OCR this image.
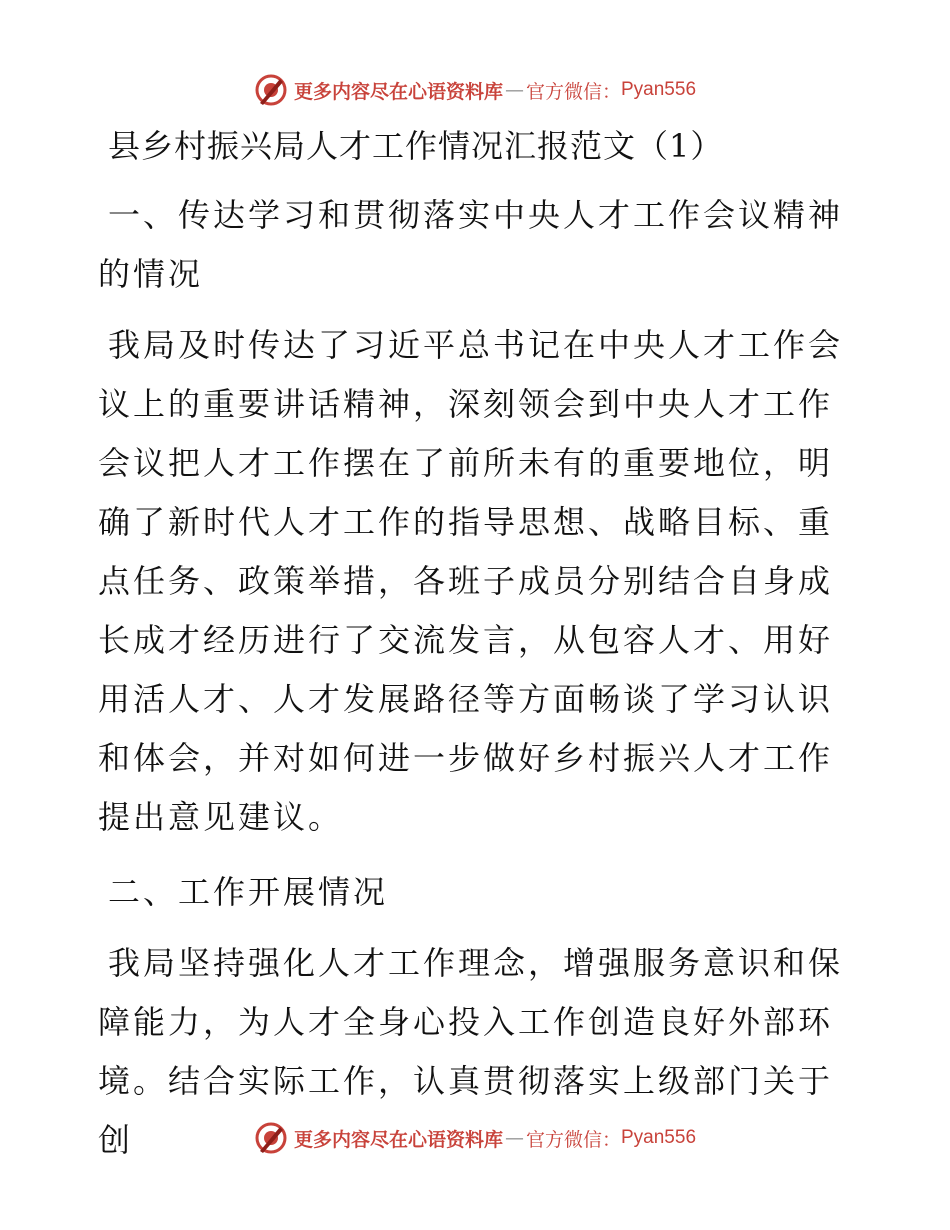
更多内容尽在心语资料库 — 官方微信： Pyan556
县乡村振兴局人才工作情况汇报范文（1）

一、传达学习和贯彻落实中央人才工作会议精神的情况

我局及时传达了习近平总书记在中央人才工作会议上的重要讲话精神，深刻领会到中央人才工作会议把人才工作摆在了前所未有的重要地位，明确了新时代人才工作的指导思想、战略目标、重点任务、政策举措，各班子成员分别结合自身成长成才经历进行了交流发言，从包容人才、用好用活人才、人才发展路径等方面畅谈了学习认识和体会，并对如何进一步做好乡村振兴人才工作提出意见建议。

二、工作开展情况

我局坚持强化人才工作理念，增强服务意识和保障能力，为人才全身心投入工作创造良好外部环境。结合实际工作，认真贯彻落实上级部门关于创	更多内容尽在心语资料库 — 官方微信： Pyan556
